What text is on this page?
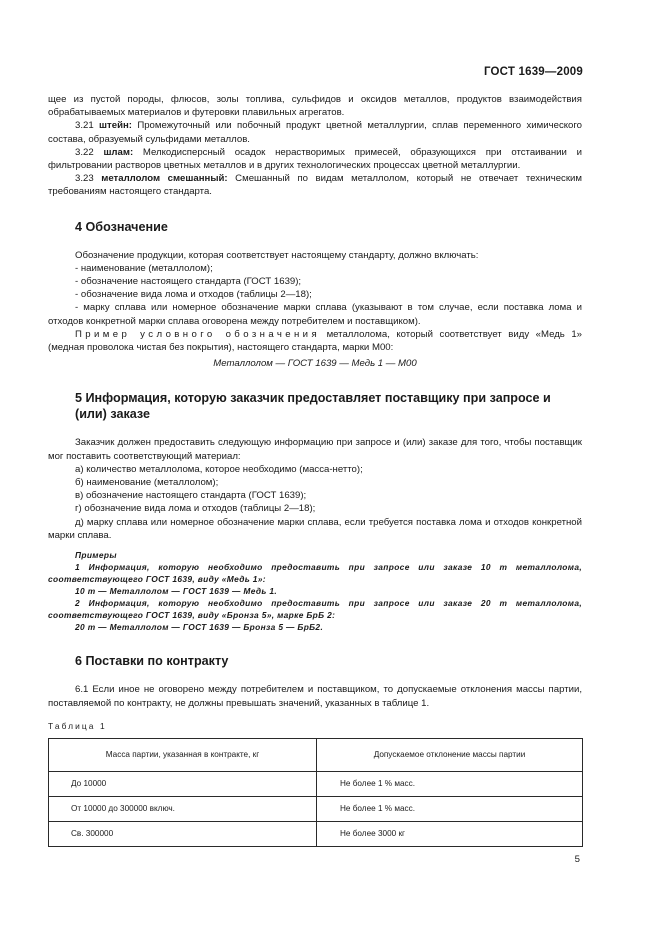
ГОСТ 1639—2009

щее из пустой породы, флюсов, золы топлива, сульфидов и оксидов металлов, продуктов взаимодействия обрабатываемых материалов и футеровки плавильных агрегатов.

3.21 штейн: Промежуточный или побочный продукт цветной металлургии, сплав переменного химического состава, образуемый сульфидами металлов.

3.22 шлам: Мелкодисперсный осадок нерастворимых примесей, образующихся при отстаивании и фильтровании растворов цветных металлов и в других технологических процессах цветной металлургии.

3.23 металлолом смешанный: Смешанный по видам металлолом, который не отвечает техническим требованиям настоящего стандарта.

4 Обозначение

Обозначение продукции, которая соответствует настоящему стандарту, должно включать:

- наименование (металлолом);

- обозначение настоящего стандарта (ГОСТ 1639);

- обозначение вида лома и отходов (таблицы 2—18);

- марку сплава или номерное обозначение марки сплава (указывают в том случае, если поставка лома и отходов конкретной марки сплава оговорена между потребителем и поставщиком).

Пример условного обозначения металлолома, который соответствует виду «Медь 1» (медная проволока чистая без покрытия), настоящего стандарта, марки М00:

Металлолом — ГОСТ 1639 — Медь 1 — М00

5 Информация, которую заказчик предоставляет поставщику при запросе и (или) заказе

Заказчик должен предоставить следующую информацию при запросе и (или) заказе для того, чтобы поставщик мог поставить соответствующий материал:

а) количество металлолома, которое необходимо (масса-нетто);

б) наименование (металлолом);

в) обозначение настоящего стандарта (ГОСТ 1639);

г) обозначение вида лома и отходов (таблицы 2—18);

д) марку сплава или номерное обозначение марки сплава, если требуется поставка лома и отходов конкретной марки сплава.

Примеры

1 Информация, которую необходимо предоставить при запросе или заказе 10 т металлолома, соответствующего ГОСТ 1639, виду «Медь 1»:

10 т — Металлолом — ГОСТ 1639 — Медь 1.

2 Информация, которую необходимо предоставить при запросе или заказе 20 т металлолома, соответствующего ГОСТ 1639, виду «Бронза 5», марке БрБ 2:

20 т — Металлолом — ГОСТ 1639 — Бронза 5 — БрБ2.

6 Поставки по контракту

6.1 Если иное не оговорено между потребителем и поставщиком, то допускаемые отклонения массы партии, поставляемой по контракту, не должны превышать значений, указанных в таблице 1.

Таблица 1
Масса партии, указанная в контракте, кг	Допускаемое отклонение массы партии
До 10000	Не более 1 % масс.
От 10000 до 300000 включ.	Не более 1 % масс.
Св. 300000	Не более 3000 кг
5
